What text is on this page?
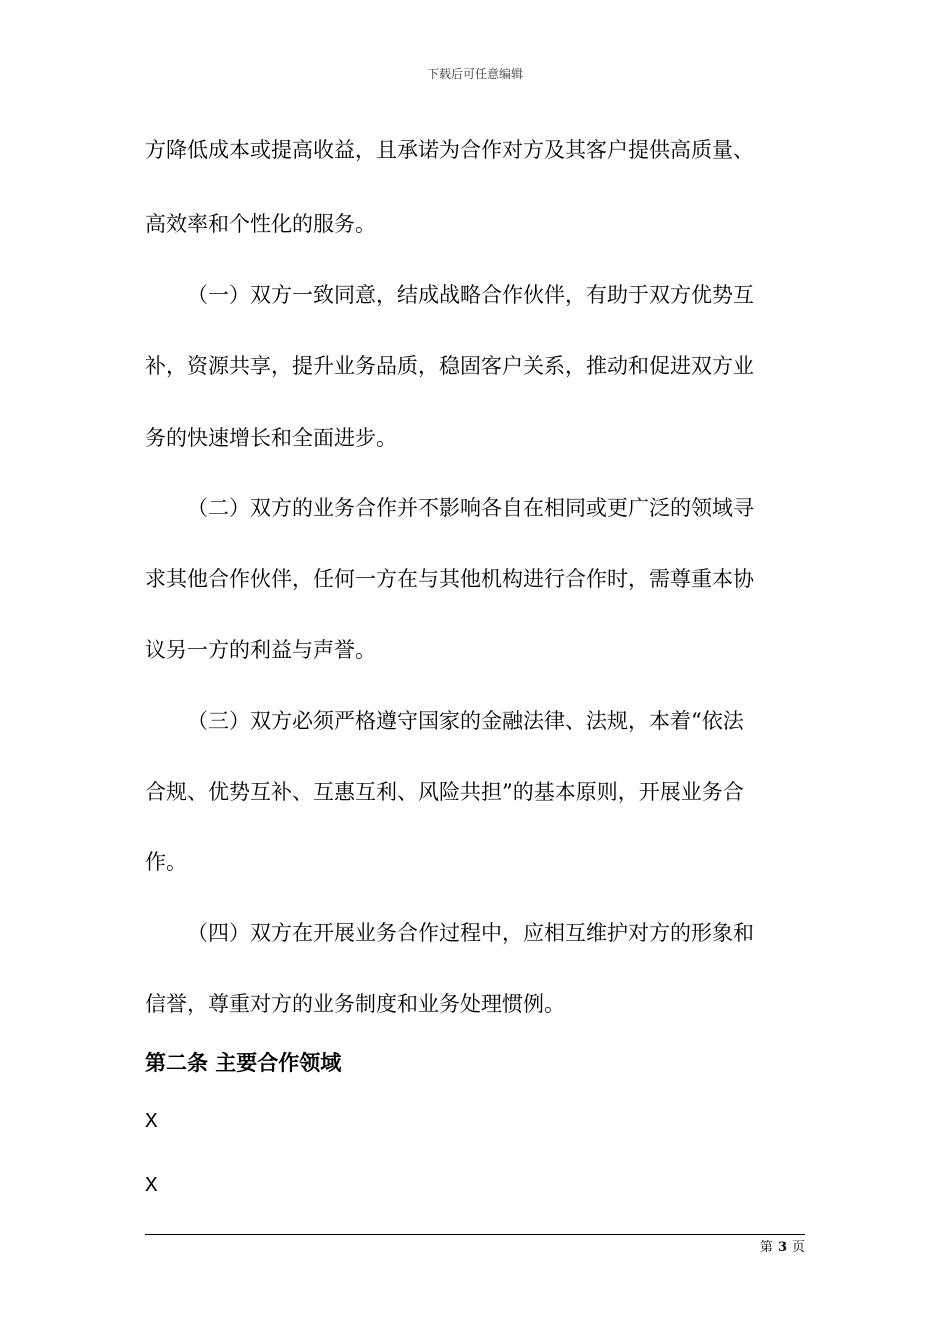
下载后可任意编辑
方降低成本或提高收益，且承诺为合作对方及其客户提供高质量、
高效率和个性化的服务。
（一）双方一致同意，结成战略合作伙伴，有助于双方优势互
补，资源共享，提升业务品质，稳固客户关系，推动和促进双方业
务的快速增长和全面进步。
（二）双方的业务合作并不影响各自在相同或更广泛的领域寻
求其他合作伙伴，任何一方在与其他机构进行合作时，需尊重本协
议另一方的利益与声誉。
（三）双方必须严格遵守国家的金融法律、法规，本着“依法
合规、优势互补、互惠互利、风险共担”的基本原则，开展业务合
作。
（四）双方在开展业务合作过程中，应相互维护对方的形象和
信誉，尊重对方的业务制度和业务处理惯例。
第二条 主要合作领域
X
X
第 3 页
